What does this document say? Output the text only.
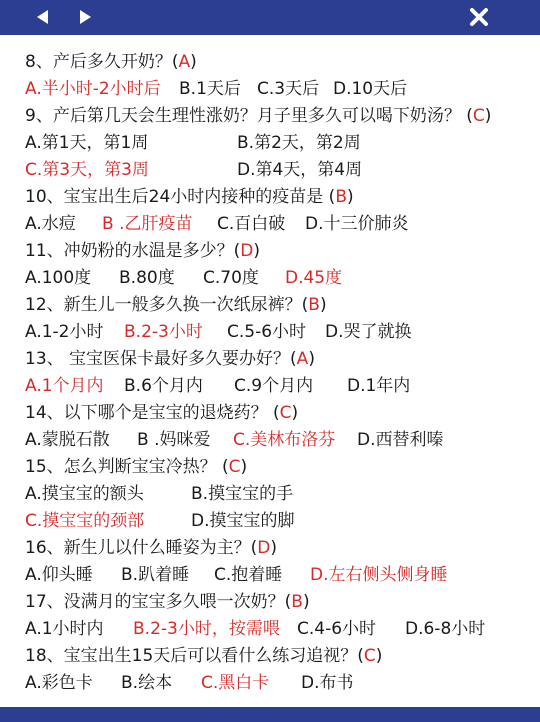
8、产后多久开奶？( A)
A.半小时-2小时后 B.1天后 C.3天后 D.10天后
9、产后第几天会生理性涨奶？月子里多久可以喝下奶汤？ ( C)
A.第1天，第1周	B.第2天，第2周
C.第3天，第3周	D.第4天，第4周
10、宝宝出生后24小时内接种的疫苗是 ( B)
A.水痘 B .乙肝疫苗 C.百白破 D.十三价肺炎
11、冲奶粉的水温是多少？( D)
A.100度 B.80度 C.70度 D.45度
12、新生儿一般多久换一次纸尿裤？( B)
A.1-2小时 B.2-3小时 C.5-6小时 D.哭了就换
13、 宝宝医保卡最好多久要办好？( A)
A.1个月内 B.6个月内 C.9个月内 D.1年内
14、以下哪个是宝宝的退烧药？ ( C)
A.蒙脱石散 B .妈咪爱 C.美林布洛芬 D.西替利嗪
15、怎么判断宝宝冷热？ ( C)
A.摸宝宝的额头	B.摸宝宝的手
C.摸宝宝的颈部	D.摸宝宝的脚
16、新生儿以什么睡姿为主？( D)
A.仰头睡 B.趴着睡 C.抱着睡 D.左右侧头侧身睡
17、没满月的宝宝多久喂一次奶？( B)
A.1小时内 B.2-3小时，按需喂 C.4-6小时 D.6-8小时
18、宝宝出生15天后可以看什么练习追视？( C)
A.彩色卡 B.绘本 C.黑白卡 D.布书
